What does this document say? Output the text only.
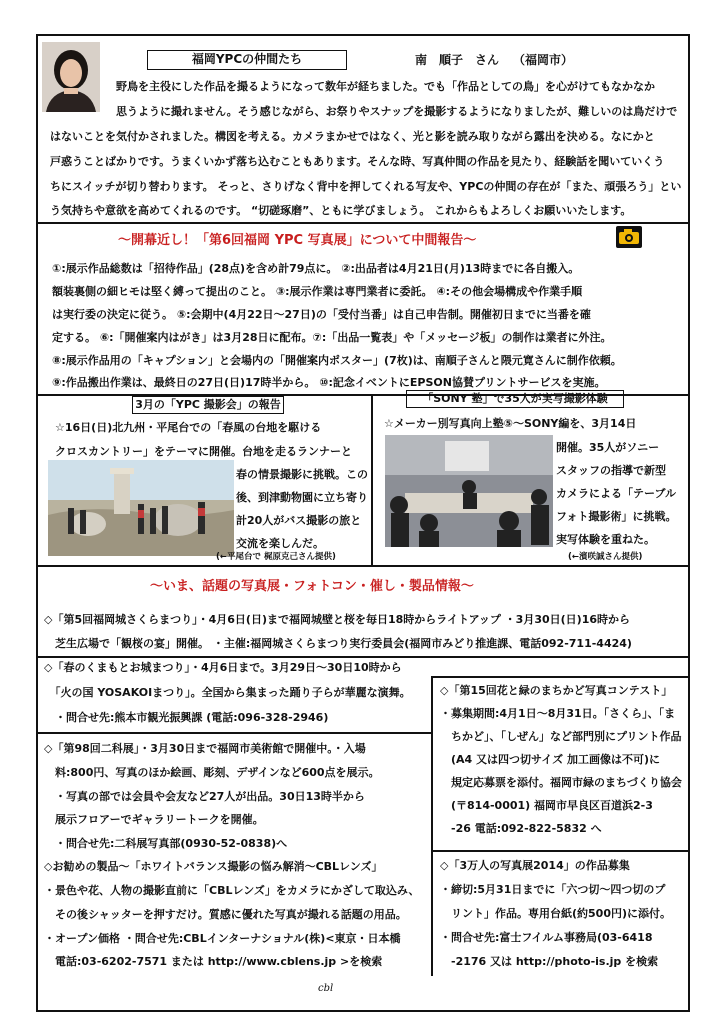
福岡YPCの仲間たち	南　順子　さん （福岡市）
野鳥を主役にした作品を撮るようになって数年が経ちました。でも「作品としての鳥」を心がけてもなかなか
思うように撮れません。そう感じながら、お祭りやスナップを撮影するようになりましたが、難しいのは鳥だけで
はないことを気付かされました。構図を考える。カメラまかせではなく、光と影を読み取りながら露出を決める。なにかと
戸惑うことばかりです。うまくいかず落ち込むこともあります。そんな時、写真仲間の作品を見たり、経験話を聞いていくう
ちにスイッチが切り替わります。 そっと、さりげなく背中を押してくれる写友や、YPCの仲間の存在が「また、頑張ろう」とい
う気持ちや意欲を高めてくれるのです。 “切磋琢磨”、ともに学びましょう。 これからもよろしくお願いいたします。
～開幕近し！「第6回福岡 YPC 写真展」について中間報告～
①:展示作品総数は「招待作品」(28点)を含め計79点に。 ②:出品者は4月21日(月)13時までに各自搬入。
額装裏側の細ヒモは堅く縛って提出のこと。 ③:展示作業は専門業者に委託。 ④:その他会場構成や作業手順
は実行委の決定に従う。 ⑤:会期中(4月22日～27日)の「受付当番」は自己申告制。開催初日までに当番を確
定する。 ⑥:「開催案内はがき」は3月28日に配布。⑦:「出品一覧表」や「メッセージ板」の制作は業者に外注。
⑧:展示作品用の「キャプション」と会場内の「開催案内ポスター」(7枚)は、南順子さんと隈元寛さんに制作依頼。
⑨:作品搬出作業は、最終日の27日(日)17時半から。 ⑩:記念イベントにEPSON協賛プリントサービスを実施。
3月の「YPC 撮影会」の報告
☆16日(日)北九州・平尾台での「春風の台地を駆ける
クロスカントリー」をテーマに開催。台地を走るランナーと
春の情景撮影に挑戦。この
後、到津動物園に立ち寄り
計20人がバス撮影の旅と
交流を楽しんだ。
(←平尾台で 梶原克己さん提供)
「SONY 塾」で35人が実写撮影体験
☆メーカー別写真向上塾⑤～SONY編を、3月14日
開催。35人がソニー
スタッフの指導で新型
カメラによる「テーブル
フォト撮影術」に挑戦。
実写体験を重ねた。
(←濱咲誠さん提供)
～いま、話題の写真展・フォトコン・催し・製品情報～
◇「第5回福岡城さくらまつり」・4月6日(日)まで福岡城壁と桜を毎日18時からライトアップ ・3月30日(日)16時から
　芝生広場で「観桜の宴」開催。 ・主催:福岡城さくらまつり実行委員会(福岡市みどり推進課、電話092-711-4424)
◇「春のくまもとお城まつり」・4月6日まで。3月29日～30日10時から
　「火の国 YOSAKOIまつり」。全国から集まった踊り子らが華麗な演舞。
　・問合せ先:熊本市観光振興課 (電話:096-328-2946)
◇「第98回二科展」・3月30日まで福岡市美術館で開催中。・入場
　料:800円、写真のほか絵画、彫刻、デザインなど600点を展示。
　・写真の部では会員や会友など27人が出品。30日13時半から
　展示フロアーでギャラリートークを開催。
　・問合せ先:二科展写真部(0930-52-0838)へ
◇お勧めの製品～「ホワイトバランス撮影の悩み解消～CBLレンズ」
・景色や花、人物の撮影直前に「CBLレンズ」をカメラにかざして取込み、
　その後シャッターを押すだけ。質感に優れた写真が撮れる話題の用品。
・オープン価格 ・問合せ先:CBLインターナショナル(株)<東京・日本橋
　電話:03-6202-7571 または http://www.cblens.jp >を検索
◇「第15回花と緑のまちかど写真コンテスト」
・募集期間:4月1日～8月31日。「さくら」、「ま
　ちかど」、「しぜん」など部門別にプリント作品
　(A4 又は四つ切サイズ 加工画像は不可)に
　規定応募票を添付。福岡市緑のまちづくり協会
　(〒814-0001) 福岡市早良区百道浜2-3
　-26 電話:092-822-5832 へ
◇「3万人の写真展2014」の作品募集
・締切:5月31日までに「六つ切～四つ切のプ
　リント」作品。専用台紙(約500円)に添付。
・問合せ先:富士フイルム事務局(03-6418
　-2176 又は http://photo-is.jp を検索
cbl
